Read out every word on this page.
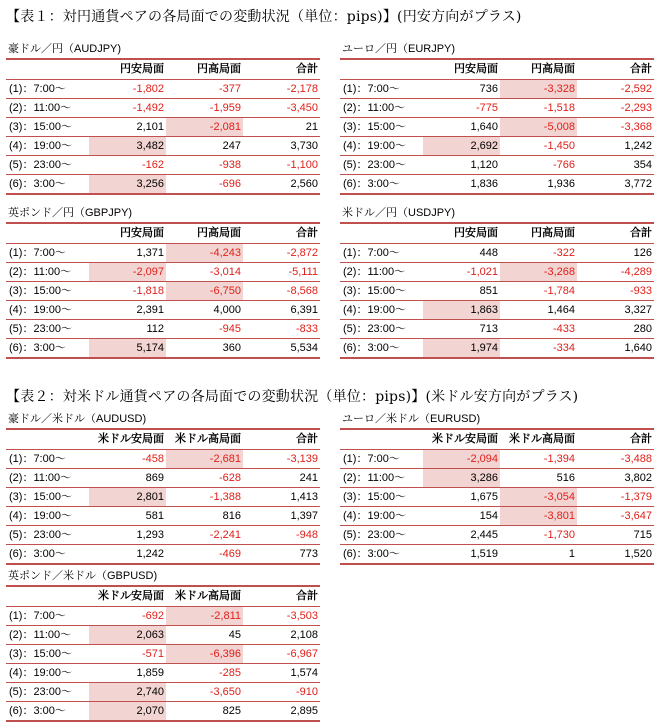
【表１：対円通貨ペアの各局面での変動状況（単位：pips)】(円安方向がプラス)
豪ドル／円（AUDJPY)
円安局面	円高局面	合計
(1)：7:00～	-1,802	-377	-2,178
(2)：11:00～	-1,492	-1,959	-3,450
(3)：15:00～	2,101	-2,081	21
(4)：19:00～	3,482	247	3,730
(5)：23:00～	-162	-938	-1,100
(6)：3:00～	3,256	-696	2,560
ユーロ／円（EURJPY)
円安局面	円高局面	合計
(1)：7:00～	736	-3,328	-2,592
(2)：11:00～	-775	-1,518	-2,293
(3)：15:00～	1,640	-5,008	-3,368
(4)：19:00～	2,692	-1,450	1,242
(5)：23:00～	1,120	-766	354
(6)：3:00～	1,836	1,936	3,772
英ポンド／円（GBPJPY)
円安局面	円高局面	合計
(1)：7:00～	1,371	-4,243	-2,872
(2)：11:00～	-2,097	-3,014	-5,111
(3)：15:00～	-1,818	-6,750	-8,568
(4)：19:00～	2,391	4,000	6,391
(5)：23:00～	112	-945	-833
(6)：3:00～	5,174	360	5,534
米ドル／円（USDJPY)
円安局面	円高局面	合計
(1)：7:00～	448	-322	126
(2)：11:00～	-1,021	-3,268	-4,289
(3)：15:00～	851	-1,784	-933
(4)：19:00～	1,863	1,464	3,327
(5)：23:00～	713	-433	280
(6)：3:00～	1,974	-334	1,640
【表２：対米ドル通貨ペアの各局面での変動状況（単位：pips)】(米ドル安方向がプラス)
豪ドル／米ドル（AUDUSD)
米ドル安局面	米ドル高局面	合計
(1)：7:00～	-458	-2,681	-3,139
(2)：11:00～	869	-628	241
(3)：15:00～	2,801	-1,388	1,413
(4)：19:00～	581	816	1,397
(5)：23:00～	1,293	-2,241	-948
(6)：3:00～	1,242	-469	773
ユーロ／米ドル（EURUSD)
米ドル安局面	米ドル高局面	合計
(1)：7:00～	-2,094	-1,394	-3,488
(2)：11:00～	3,286	516	3,802
(3)：15:00～	1,675	-3,054	-1,379
(4)：19:00～	154	-3,801	-3,647
(5)：23:00～	2,445	-1,730	715
(6)：3:00～	1,519	1	1,520
英ポンド／米ドル（GBPUSD)
米ドル安局面	米ドル高局面	合計
(1)：7:00～	-692	-2,811	-3,503
(2)：11:00～	2,063	45	2,108
(3)：15:00～	-571	-6,396	-6,967
(4)：19:00～	1,859	-285	1,574
(5)：23:00～	2,740	-3,650	-910
(6)：3:00～	2,070	825	2,895
